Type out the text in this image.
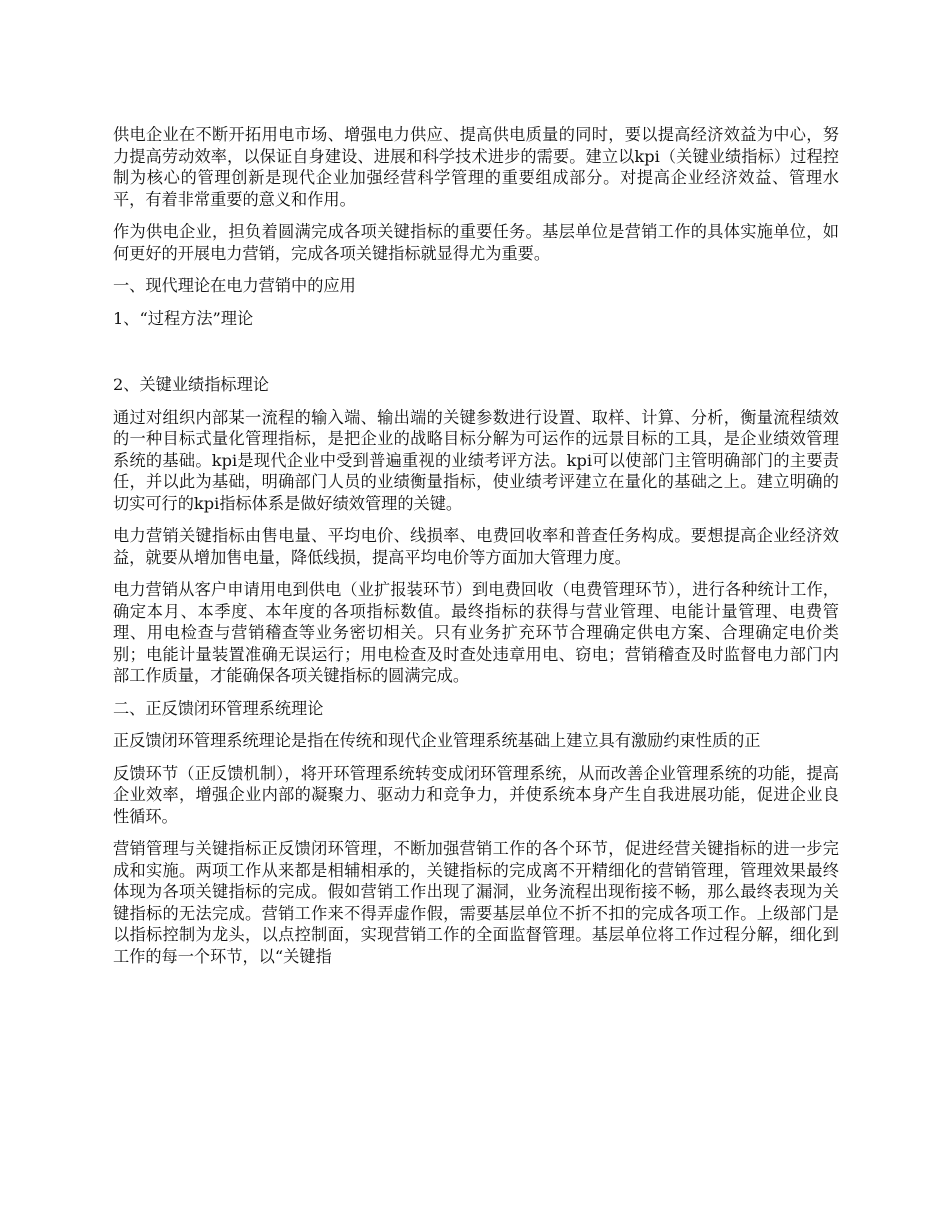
供电企业在不断开拓用电市场、增强电力供应、提高供电质量的同时，要以提高经济效益为中心，努力提高劳动效率，以保证自身建设、进展和科学技术进步的需要。建立以kpi（关键业绩指标）过程控制为核心的管理创新是现代企业加强经营科学管理的重要组成部分。对提高企业经济效益、管理水平，有着非常重要的意义和作用。

作为供电企业，担负着圆满完成各项关键指标的重要任务。基层单位是营销工作的具体实施单位，如何更好的开展电力营销，完成各项关键指标就显得尤为重要。

一、现代理论在电力营销中的应用

1、“过程方法”理论

2、关键业绩指标理论

通过对组织内部某一流程的输入端、输出端的关键参数进行设置、取样、计算、分析，衡量流程绩效的一种目标式量化管理指标，是把企业的战略目标分解为可运作的远景目标的工具，是企业绩效管理系统的基础。kpi是现代企业中受到普遍重视的业绩考评方法。kpi可以使部门主管明确部门的主要责任，并以此为基础，明确部门人员的业绩衡量指标，使业绩考评建立在量化的基础之上。建立明确的切实可行的kpi指标体系是做好绩效管理的关键。

电力营销关键指标由售电量、平均电价、线损率、电费回收率和普查任务构成。要想提高企业经济效益，就要从增加售电量，降低线损，提高平均电价等方面加大管理力度。

电力营销从客户申请用电到供电（业扩报装环节）到电费回收（电费管理环节），进行各种统计工作，确定本月、本季度、本年度的各项指标数值。最终指标的获得与营业管理、电能计量管理、电费管理、用电检查与营销稽查等业务密切相关。只有业务扩充环节合理确定供电方案、合理确定电价类别；电能计量装置准确无误运行；用电检查及时查处违章用电、窃电；营销稽查及时监督电力部门内部工作质量，才能确保各项关键指标的圆满完成。

二、正反馈闭环管理系统理论

正反馈闭环管理系统理论是指在传统和现代企业管理系统基础上建立具有激励约束性质的正

反馈环节（正反馈机制），将开环管理系统转变成闭环管理系统，从而改善企业管理系统的功能，提高企业效率，增强企业内部的凝聚力、驱动力和竞争力，并使系统本身产生自我进展功能，促进企业良性循环。

营销管理与关键指标正反馈闭环管理，不断加强营销工作的各个环节，促进经营关键指标的进一步完成和实施。两项工作从来都是相辅相承的，关键指标的完成离不开精细化的营销管理，管理效果最终体现为各项关键指标的完成。假如营销工作出现了漏洞，业务流程出现衔接不畅，那么最终表现为关键指标的无法完成。营销工作来不得弄虚作假，需要基层单位不折不扣的完成各项工作。上级部门是以指标控制为龙头，以点控制面，实现营销工作的全面监督管理。基层单位将工作过程分解，细化到工作的每一个环节，以“关键指
